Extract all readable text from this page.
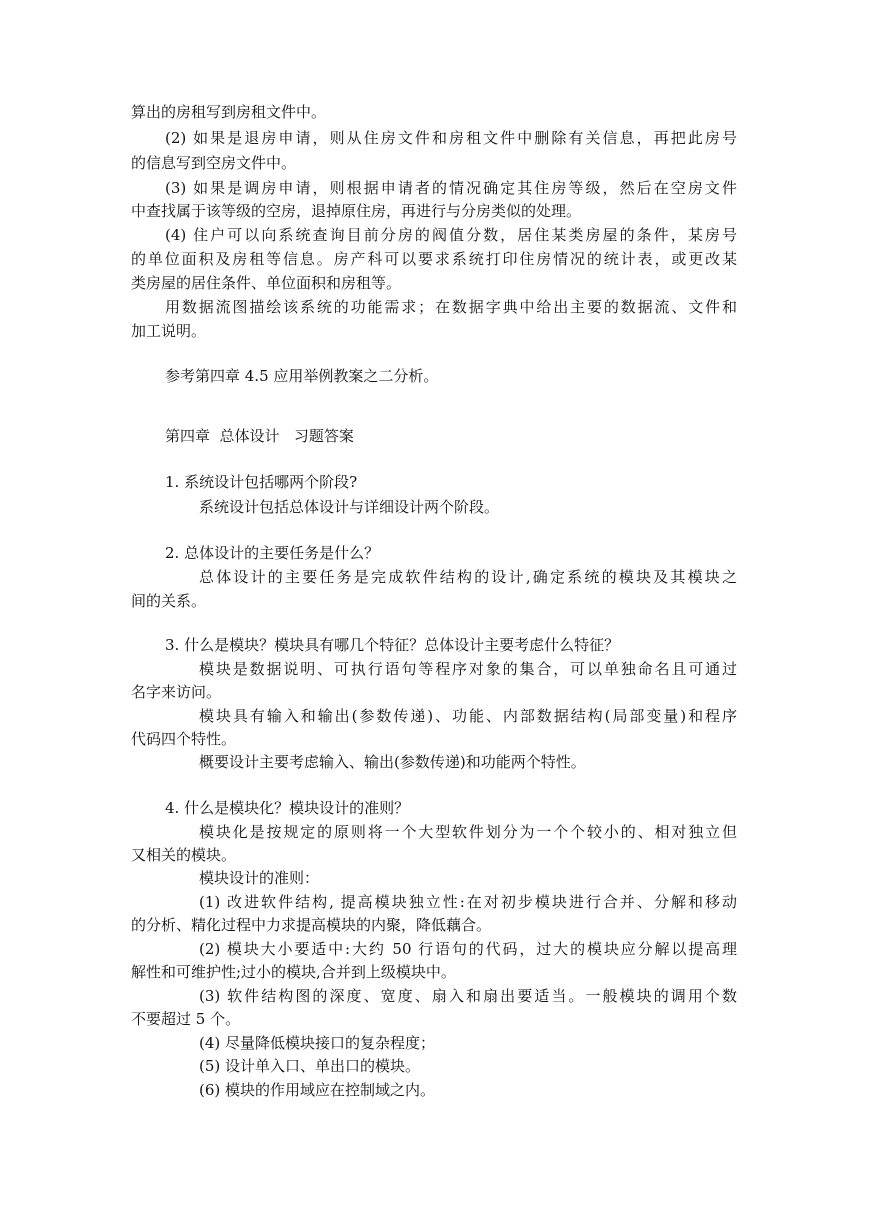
算出的房租写到房租文件中。
(2) 如果是退房申请，则从住房文件和房租文件中删除有关信息，再把此房号
的信息写到空房文件中。
(3) 如果是调房申请，则根据申请者的情况确定其住房等级，然后在空房文件
中查找属于该等级的空房，退掉原住房，再进行与分房类似的处理。
(4) 住户可以向系统查询目前分房的阀值分数，居住某类房屋的条件，某房号
的单位面积及房租等信息。房产科可以要求系统打印住房情况的统计表，或更改某
类房屋的居住条件、单位面积和房租等。
用数据流图描绘该系统的功能需求；在数据字典中给出主要的数据流、文件和
加工说明。
参考第四章 4.5 应用举例教案之二分析。
第四章  总体设计   习题答案
1. 系统设计包括哪两个阶段?
系统设计包括总体设计与详细设计两个阶段。
2. 总体设计的主要任务是什么？
总体设计的主要任务是完成软件结构的设计,确定系统的模块及其模块之
间的关系。
3. 什么是模块？模块具有哪几个特征？总体设计主要考虑什么特征？
模块是数据说明、可执行语句等程序对象的集合，可以单独命名且可通过
名字来访问。
模块具有输入和输出(参数传递)、功能、内部数据结构(局部变量)和程序
代码四个特性。
概要设计主要考虑输入、输出(参数传递)和功能两个特性。
4. 什么是模块化？模块设计的准则？
模块化是按规定的原则将一个大型软件划分为一个个较小的、相对独立但
又相关的模块。
模块设计的准则：
(1) 改进软件结构, 提高模块独立性:在对初步模块进行合并、分解和移动
的分析、精化过程中力求提高模块的内聚，降低藕合。
(2) 模块大小要适中:大约 50 行语句的代码，过大的模块应分解以提高理
解性和可维护性;过小的模块,合并到上级模块中。
(3) 软件结构图的深度、宽度、扇入和扇出要适当。一般模块的调用个数
不要超过 5 个。
(4) 尽量降低模块接口的复杂程度；
(5) 设计单入口、单出口的模块。
(6) 模块的作用域应在控制域之内。
